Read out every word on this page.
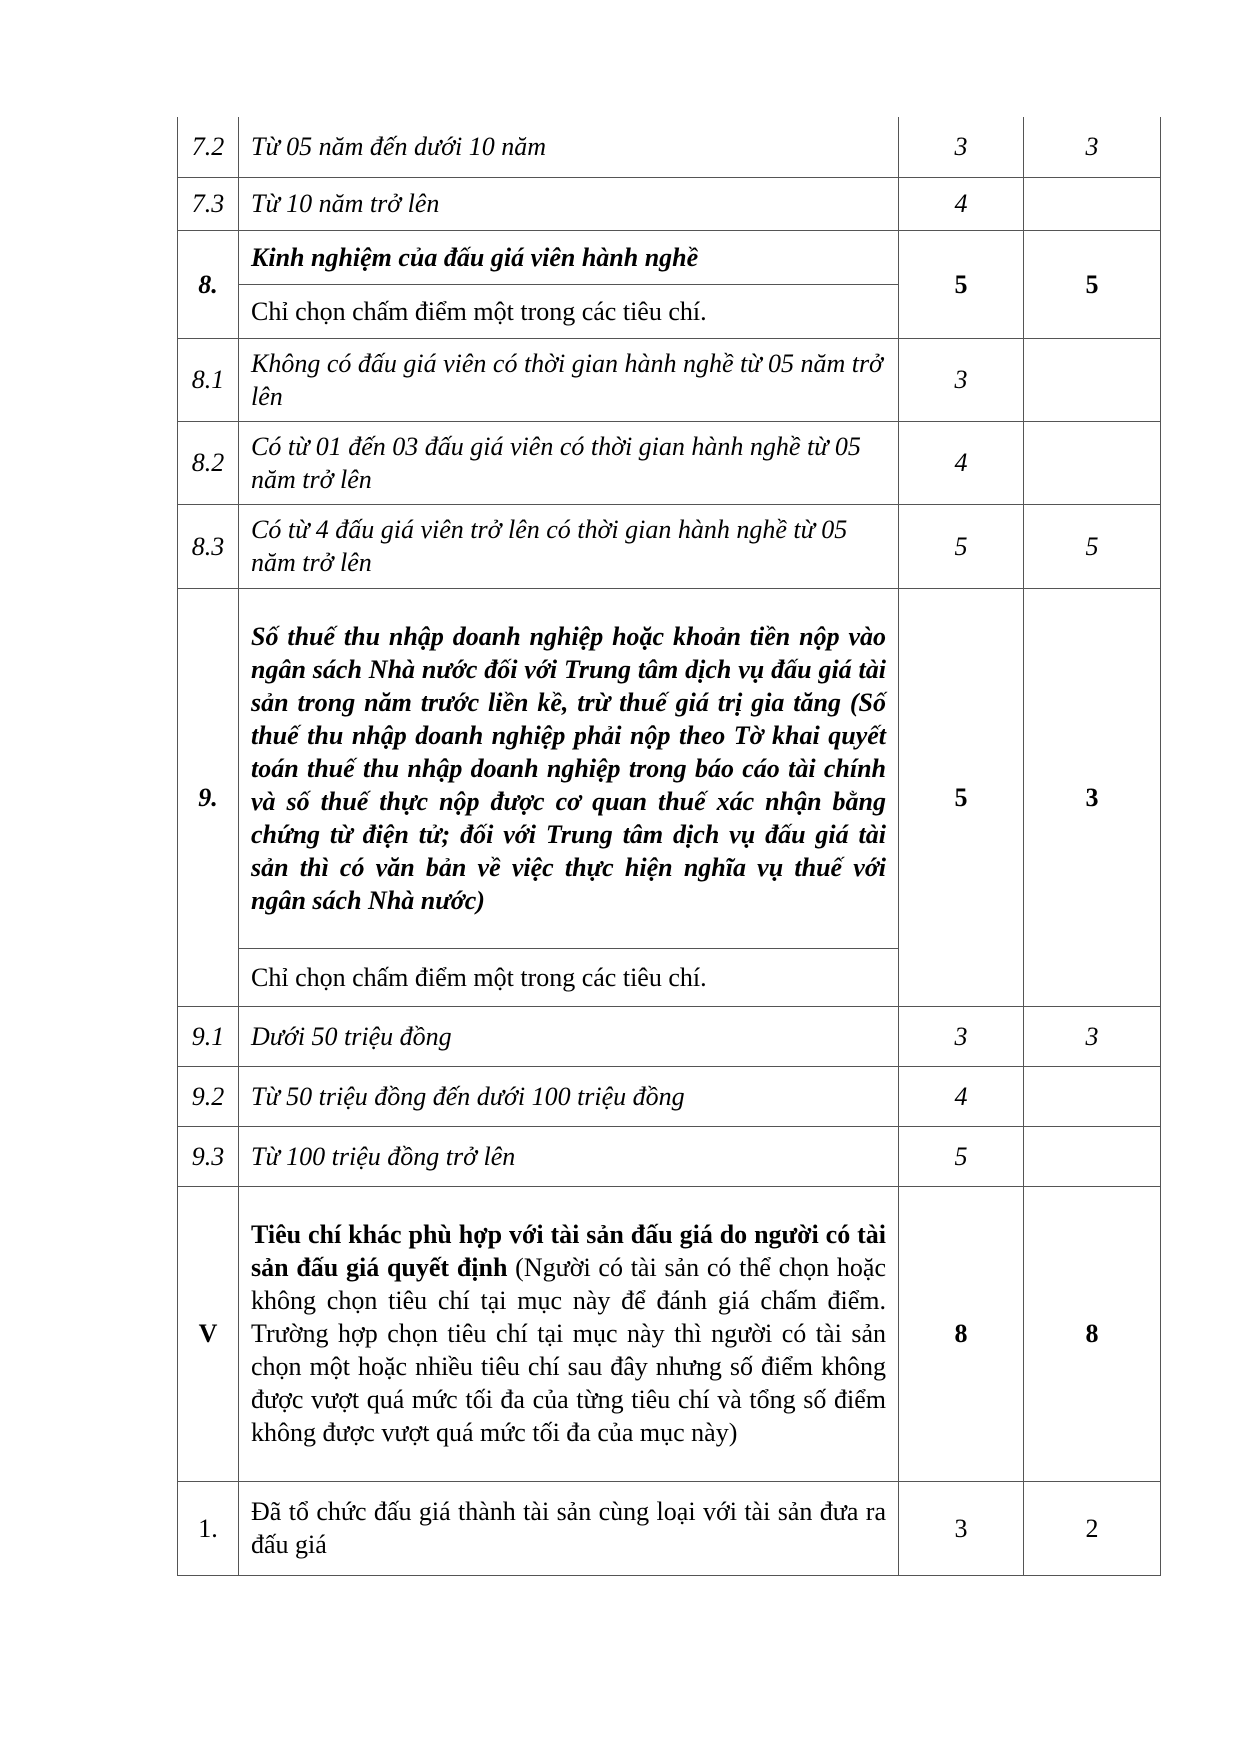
7.2	Từ 05 năm đến dưới 10 năm	3	3
7.3	Từ 10 năm trở lên	4	
8.	Kinh nghiệm của đấu giá viên hành nghề	5	5
	Chỉ chọn chấm điểm một trong các tiêu chí.		
8.1	Không có đấu giá viên có thời gian hành nghề từ 05 năm trở lên	3	
8.2	Có từ 01 đến 03 đấu giá viên có thời gian hành nghề từ 05 năm trở lên	4	
8.3	Có từ 4 đấu giá viên trở lên có thời gian hành nghề từ 05 năm trở lên	5	5
9.	Số thuế thu nhập doanh nghiệp hoặc khoản tiền nộp vào ngân sách Nhà nước đối với Trung tâm dịch vụ đấu giá tài sản trong năm trước liền kề, trừ thuế giá trị gia tăng (Số thuế thu nhập doanh nghiệp phải nộp theo Tờ khai quyết toán thuế thu nhập doanh nghiệp trong báo cáo tài chính và số thuế thực nộp được cơ quan thuế xác nhận bằng chứng từ điện tử; đối với Trung tâm dịch vụ đấu giá tài sản thì có văn bản về việc thực hiện nghĩa vụ thuế với ngân sách Nhà nước)	5	3
	Chỉ chọn chấm điểm một trong các tiêu chí.		
9.1	Dưới 50 triệu đồng	3	3
9.2	Từ 50 triệu đồng đến dưới 100 triệu đồng	4	
9.3	Từ 100 triệu đồng trở lên	5	
V	Tiêu chí khác phù hợp với tài sản đấu giá do người có tài sản đấu giá quyết định (Người có tài sản có thể chọn hoặc không chọn tiêu chí tại mục này để đánh giá chấm điểm. Trường hợp chọn tiêu chí tại mục này thì người có tài sản chọn một hoặc nhiều tiêu chí sau đây nhưng số điểm không được vượt quá mức tối đa của từng tiêu chí và tổng số điểm không được vượt quá mức tối đa của mục này)	8	8
1.	Đã tổ chức đấu giá thành tài sản cùng loại với tài sản đưa ra đấu giá	3	2
